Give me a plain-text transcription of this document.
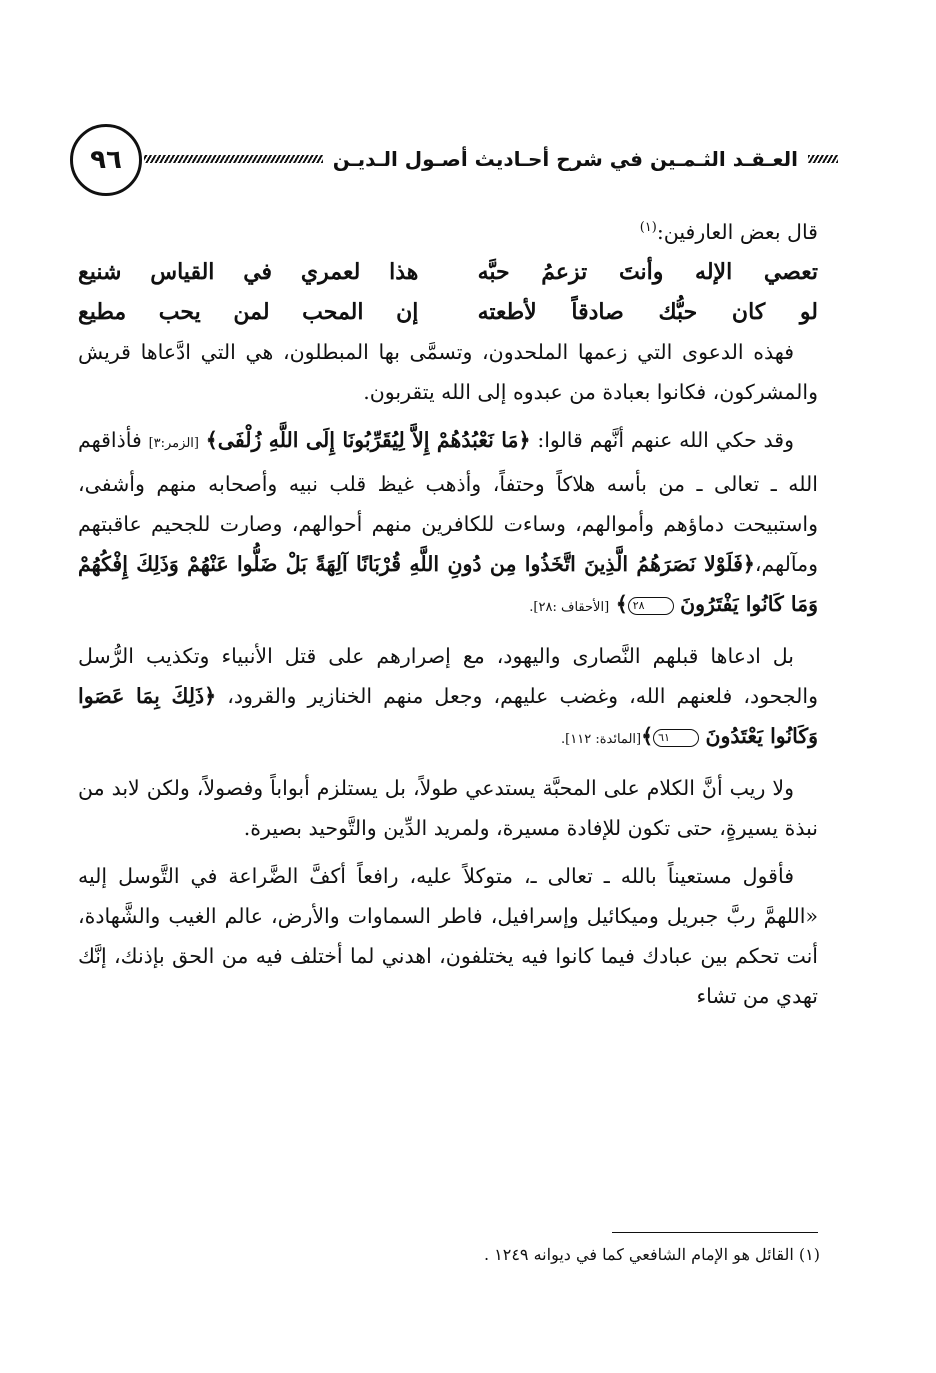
٩٦	العـقـد الثـمـين في شرح أحـاديث أصـول الـديـن
قال بعض العارفين:$^{(١)}$
تعصي الإله وأنتَ تزعمُ حبَّه
هذا لعمري في القياس شنيع
لو كان حبُّك صادقاً لأطعته
إن المحب لمن يحب مطيع

فهذه الدعوى التي زعمها الملحدون، وتسمَّى بها المبطلون، هي التي ادَّعاها قريش والمشركون، فكانوا بعبادة من عبدوه إلى الله يتقربون.

وقد حكي الله عنهم أنَّهم قالوا: ﴿مَا نَعْبُدُهُمْ إِلاَّ لِيُقَرِّبُونَا إِلَى اللَّهِ زُلْفَى﴾ [الزمر:٣] فأذاقهم الله ـ تعالى ـ من بأسه هلاكاً وحتفاً، وأذهب غيظ قلب نبيه وأصحابه منهم وأشفى، واستبيحت دماؤهم وأموالهم، وساءت للكافرين منهم أحوالهم، وصارت للجحيم عاقبتهم ومآلهم،﴿فَلَوْلا نَصَرَهُمُ الَّذِينَ اتَّخَذُوا مِن دُونِ اللَّهِ قُرْبَانًا آلِهَةً بَلْ ضَلُّوا عَنْهُمْ وَذَلِكَ إِفْكُهُمْ وَمَا كَانُوا يَفْتَرُونَ ٢٨﴾ [الأحقاف :٢٨].

بل ادعاها قبلهم النَّصارى واليهود، مع إصرارهم على قتل الأنبياء وتكذيب الرُّسل والجحود، فلعنهم الله، وغضب عليهم، وجعل منهم الخنازير والقرود، ﴿ذَلِكَ بِمَا عَصَوا وَكَانُوا يَعْتَدُونَ ٦١﴾[المائدة: ١١٢].

ولا ريب أنَّ الكلام على المحبَّة يستدعي طولاً، بل يستلزم أبواباً وفصولاً، ولكن لابد من نبذة يسيرةٍ، حتى تكون للإفادة مسيرة، ولمريد الدِّين والتَّوحيد بصيرة.

فأقول مستعيناً بالله ـ تعالى ـ، متوكلاً عليه، رافعاً أكفَّ الضَّراعة في التَّوسل إليه «اللهمَّ ربَّ جبريل وميكائيل وإسرافيل، فاطر السماوات والأرض، عالم الغيب والشَّهادة، أنت تحكم بين عبادك فيما كانوا فيه يختلفون، اهدني لما أختلف فيه من الحق بإذنك، إنَّك تهدي من تشاء

(١) القائل هو الإمام الشافعي كما في ديوانه ١٢٤٩ .
